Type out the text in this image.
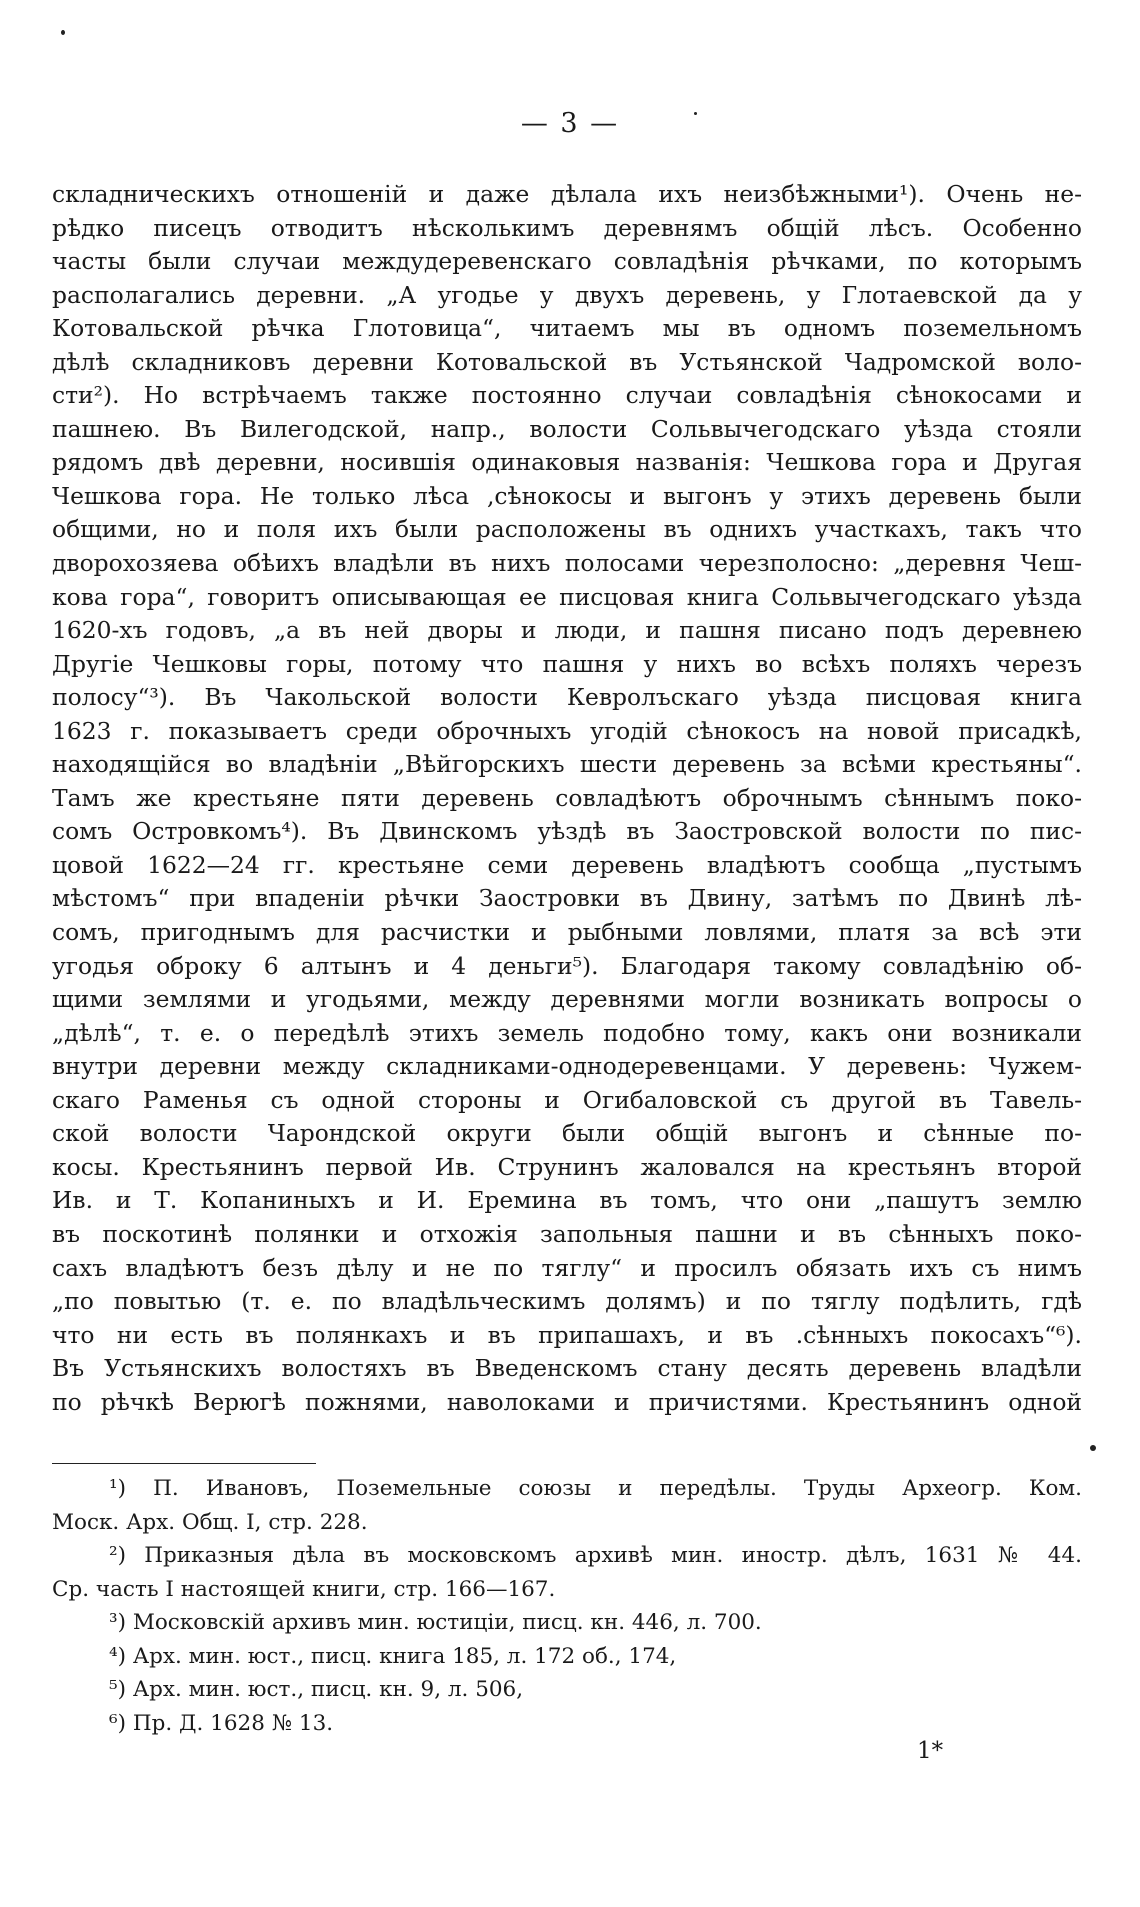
— 3 —
складническихъ отношенiй и даже дѣлала ихъ неизбѣжными¹). Очень не-
рѣдко писецъ отводитъ нѣсколькимъ деревнямъ общiй лѣсъ. Особенно
часты были случаи междудеревенскаго совладѣнiя рѣчками, по которымъ
располагались деревни. „А угодье у двухъ деревень, у Глотаевской да у
Котовальской рѣчка Глотовица“, читаемъ мы въ одномъ поземельномъ
дѣлѣ складниковъ деревни Котовальской въ Устьянской Чадромской воло-
сти²). Но встрѣчаемъ также постоянно случаи совладѣнiя сѣнокосами и
пашнею. Въ Вилегодской, напр., волости Сольвычегодскаго уѣзда стояли
рядомъ двѣ деревни, носившiя одинаковыя названiя: Чешкова гора и Другая
Чешкова гора. Не только лѣса ,сѣнокосы и выгонъ у этихъ деревень были
общими, но и поля ихъ были расположены въ однихъ участкахъ, такъ что
дворохозяева обѣихъ владѣли въ нихъ полосами черезполосно: „деревня Чеш-
кова гора“, говоритъ описывающая ее писцовая книга Сольвычегодскаго уѣзда
1620-хъ годовъ, „а въ ней дворы и люди, и пашня писано подъ деревнею
Другiе Чешковы горы, потому что пашня у нихъ во всѣхъ поляхъ черезъ
полосу“³). Въ Чакольской волости Кевролъскаго уѣзда писцовая книга
1623 г. показываетъ среди оброчныхъ угодiй сѣнокосъ на новой присадкѣ,
находящiйся во владѣнiи „Вѣйгорскихъ шести деревень за всѣми крестьяны“.
Тамъ же крестьяне пяти деревень совладѣютъ оброчнымъ сѣннымъ поко-
сомъ Островкомъ⁴). Въ Двинскомъ уѣздѣ въ Заостровской волости по пис-
цовой 1622—24 гг. крестьяне семи деревень владѣютъ сообща „пустымъ
мѣстомъ“ при впаденiи рѣчки Заостровки въ Двину, затѣмъ по Двинѣ лѣ-
сомъ, пригоднымъ для расчистки и рыбными ловлями, платя за всѣ эти
угодья оброку 6 алтынъ и 4 деньги⁵). Благодаря такому совладѣнiю об-
щими землями и угодьями, между деревнями могли возникать вопросы о
„дѣлѣ“, т. е. о передѣлѣ этихъ земель подобно тому, какъ они возникали
внутри деревни между складниками-однодеревенцами. У деревень: Чужем-
скаго Раменья съ одной стороны и Огибаловской съ другой въ Тавель-
ской волости Чарондской округи были общiй выгонъ и сѣнные по-
косы. Крестьянинъ первой Ив. Струнинъ жаловался на крестьянъ второй
Ив. и Т. Копаниныхъ и И. Еремина въ томъ, что они „пашутъ землю
въ поскотинѣ полянки и отхожiя запольныя пашни и въ сѣнныхъ поко-
сахъ владѣютъ безъ дѣлу и не по тяглу“ и просилъ обязать ихъ съ нимъ
„по повытью (т. е. по владѣльческимъ долямъ) и по тяглу подѣлить, гдѣ
что ни есть въ полянкахъ и въ припашахъ, и въ .сѣнныхъ покосахъ“⁶).
Въ Устьянскихъ волостяхъ въ Введенскомъ стану десять деревень владѣли
по рѣчкѣ Верюгѣ пожнями, наволоками и причистями. Крестьянинъ одной
¹) П. Ивановъ, Поземельные союзы и передѣлы. Труды Археогр. Ком.
Моск. Арх. Общ. I, стр. 228.
²) Приказныя дѣла въ московскомъ архивѣ мин. иностр. дѣлъ, 1631 № 44.
Ср. часть I настоящей книги, стр. 166—167.
³) Московскiй архивъ мин. юстицiи, писц. кн. 446, л. 700.
⁴) Арх. мин. юст., писц. книга 185, л. 172 об., 174,
⁵) Арх. мин. юст., писц. кн. 9, л. 506,
⁶) Пр. Д. 1628 № 13.
1*
